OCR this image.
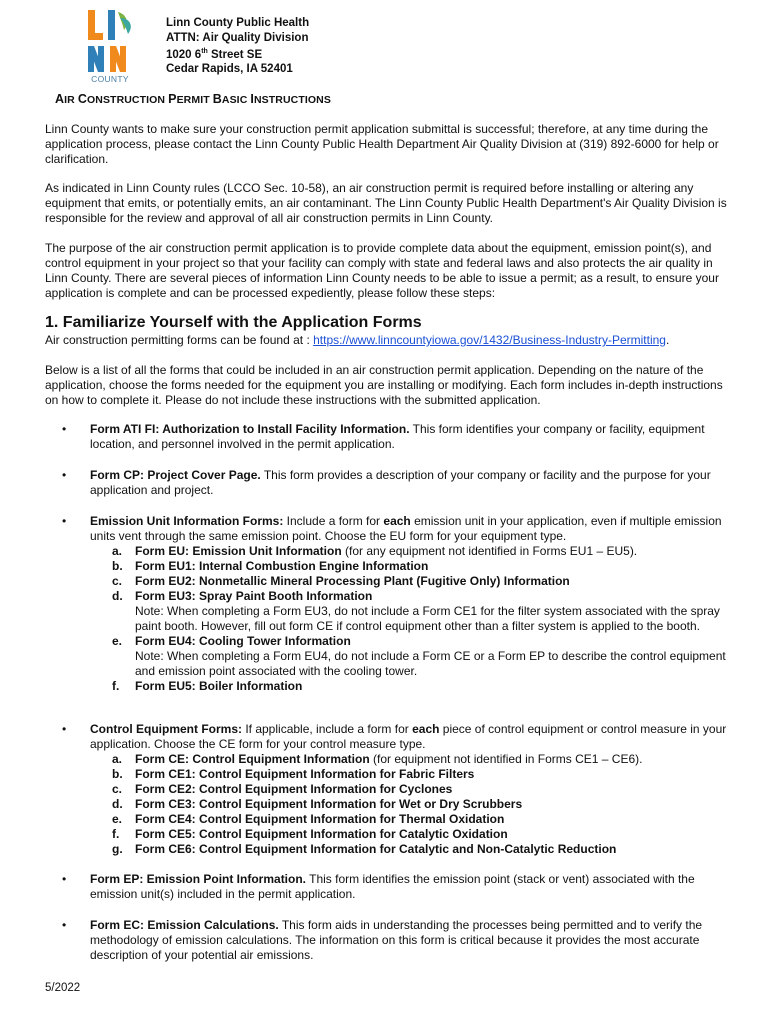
COUNTY
Linn County Public Health
ATTN: Air Quality Division
1020 6th Street SE
Cedar Rapids, IA 52401
AIR CONSTRUCTION PERMIT BASIC INSTRUCTIONS
Linn County wants to make sure your construction permit application submittal is successful; therefore, at any time during the application process, please contact the Linn County Public Health Department Air Quality Division at (319) 892-6000 for help or clarification.
As indicated in Linn County rules (LCCO Sec. 10-58), an air construction permit is required before installing or altering any equipment that emits, or potentially emits, an air contaminant. The Linn County Public Health Department's Air Quality Division is responsible for the review and approval of all air construction permits in Linn County.
The purpose of the air construction permit application is to provide complete data about the equipment, emission point(s), and control equipment in your project so that your facility can comply with state and federal laws and also protects the air quality in Linn County. There are several pieces of information Linn County needs to be able to issue a permit; as a result, to ensure your application is complete and can be processed expediently, please follow these steps:
1. Familiarize Yourself with the Application Forms
Air construction permitting forms can be found at : https://www.linncountyiowa.gov/1432/Business-Industry-Permitting.
Below is a list of all the forms that could be included in an air construction permit application. Depending on the nature of the application, choose the forms needed for the equipment you are installing or modifying. Each form includes in-depth instructions on how to complete it. Please do not include these instructions with the submitted application.
•	Form ATI FI: Authorization to Install Facility Information. This form identifies your company or facility, equipment location, and personnel involved in the permit application.
•	Form CP: Project Cover Page. This form provides a description of your company or facility and the purpose for your application and project.
•	Emission Unit Information Forms: Include a form for each emission unit in your application, even if multiple emission units vent through the same emission point. Choose the EU form for your equipment type.
a.	Form EU: Emission Unit Information (for any equipment not identified in Forms EU1 – EU5).
b.	Form EU1: Internal Combustion Engine Information
c.	Form EU2: Nonmetallic Mineral Processing Plant (Fugitive Only) Information
d.	Form EU3: Spray Paint Booth Information
Note: When completing a Form EU3, do not include a Form CE1 for the filter system associated with the spray paint booth. However, fill out form CE if control equipment other than a filter system is applied to the booth.
e.	Form EU4: Cooling Tower Information
Note: When completing a Form EU4, do not include a Form CE or a Form EP to describe the control equipment and emission point associated with the cooling tower.
f.	Form EU5: Boiler Information
•	Control Equipment Forms: If applicable, include a form for each piece of control equipment or control measure in your application. Choose the CE form for your control measure type.
a.	Form CE: Control Equipment Information (for equipment not identified in Forms CE1 – CE6).
b.	Form CE1: Control Equipment Information for Fabric Filters
c.	Form CE2: Control Equipment Information for Cyclones
d.	Form CE3: Control Equipment Information for Wet or Dry Scrubbers
e.	Form CE4: Control Equipment Information for Thermal Oxidation
f.	Form CE5: Control Equipment Information for Catalytic Oxidation
g.	Form CE6: Control Equipment Information for Catalytic and Non-Catalytic Reduction
•	Form EP: Emission Point Information. This form identifies the emission point (stack or vent) associated with the emission unit(s) included in the permit application.
•	Form EC: Emission Calculations. This form aids in understanding the processes being permitted and to verify the methodology of emission calculations. The information on this form is critical because it provides the most accurate description of your potential air emissions.
5/2022
